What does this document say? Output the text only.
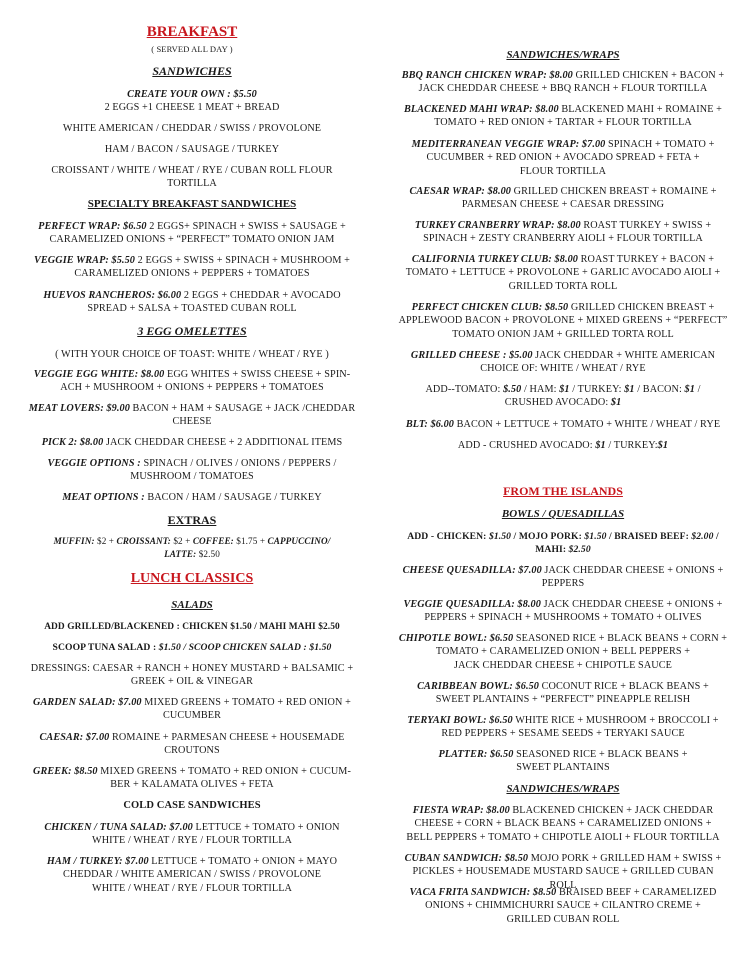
BREAKFAST
( SERVED ALL DAY )
SANDWICHES
CREATE YOUR OWN : $5.50
2 EGGS +1 CHEESE 1 MEAT + BREAD
WHITE AMERICAN / CHEDDAR / SWISS / PROVOLONE
HAM / BACON / SAUSAGE / TURKEY
CROISSANT / WHITE / WHEAT / RYE / CUBAN ROLL FLOUR
TORTILLA
SPECIALTY BREAKFAST SANDWICHES
PERFECT WRAP: $6.50 2 EGGS+ SPINACH + SWISS + SAUSAGE +
CARAMELIZED ONIONS + “PERFECT” TOMATO ONION JAM
VEGGIE WRAP: $5.50 2 EGGS + SWISS + SPINACH + MUSHROOM +
CARAMELIZED ONIONS + PEPPERS + TOMATOES
HUEVOS RANCHEROS: $6.00 2 EGGS + CHEDDAR + AVOCADO
SPREAD + SALSA + TOASTED CUBAN ROLL
3 EGG OMELETTES
( WITH YOUR CHOICE OF TOAST: WHITE / WHEAT / RYE )
VEGGIE EGG WHITE: $8.00 EGG WHITES + SWISS CHEESE + SPIN-
ACH + MUSHROOM + ONIONS + PEPPERS + TOMATOES
MEAT LOVERS: $9.00 BACON + HAM + SAUSAGE + JACK /CHEDDAR
CHEESE
PICK 2: $8.00 JACK CHEDDAR CHEESE + 2 ADDITIONAL ITEMS
VEGGIE OPTIONS : SPINACH / OLIVES / ONIONS / PEPPERS /
MUSHROOM / TOMATOES
MEAT OPTIONS : BACON / HAM / SAUSAGE / TURKEY
EXTRAS
MUFFIN: $2 + CROISSANT: $2 + COFFEE: $1.75 + CAPPUCCINO/
LATTE: $2.50
LUNCH CLASSICS
SALADS
ADD GRILLED/BLACKENED : CHICKEN $1.50 / MAHI MAHI $2.50
SCOOP TUNA SALAD : $1.50 / SCOOP CHICKEN SALAD : $1.50
DRESSINGS: CAESAR + RANCH + HONEY MUSTARD + BALSAMIC +
GREEK + OIL & VINEGAR
GARDEN SALAD: $7.00 MIXED GREENS + TOMATO + RED ONION +
CUCUMBER
CAESAR: $7.00 ROMAINE + PARMESAN CHEESE + HOUSEMADE
CROUTONS
GREEK: $8.50 MIXED GREENS + TOMATO + RED ONION + CUCUM-
BER + KALAMATA OLIVES + FETA
COLD CASE SANDWICHES
CHICKEN / TUNA SALAD: $7.00 LETTUCE + TOMATO + ONION
WHITE / WHEAT / RYE / FLOUR TORTILLA
HAM / TURKEY: $7.00 LETTUCE + TOMATO + ONION + MAYO
CHEDDAR / WHITE AMERICAN / SWISS / PROVOLONE
WHITE / WHEAT / RYE / FLOUR TORTILLA
SANDWICHES/WRAPS
BBQ RANCH CHICKEN WRAP: $8.00 GRILLED CHICKEN + BACON +
JACK CHEDDAR CHEESE + BBQ RANCH + FLOUR TORTILLA
BLACKENED MAHI WRAP: $8.00 BLACKENED MAHI + ROMAINE +
TOMATO + RED ONION + TARTAR + FLOUR TORTILLA
MEDITERRANEAN VEGGIE WRAP: $7.00 SPINACH + TOMATO +
CUCUMBER + RED ONION + AVOCADO SPREAD + FETA +
FLOUR TORTILLA
CAESAR WRAP: $8.00 GRILLED CHICKEN BREAST + ROMAINE +
PARMESAN CHEESE + CAESAR DRESSING
TURKEY CRANBERRY WRAP: $8.00 ROAST TURKEY + SWISS +
SPINACH + ZESTY CRANBERRY AIOLI + FLOUR TORTILLA
CALIFORNIA TURKEY CLUB: $8.00 ROAST TURKEY + BACON +
TOMATO + LETTUCE + PROVOLONE + GARLIC AVOCADO AIOLI +
GRILLED TORTA ROLL
PERFECT CHICKEN CLUB: $8.50 GRILLED CHICKEN BREAST +
APPLEWOOD BACON + PROVOLONE + MIXED GREENS + “PERFECT”
TOMATO ONION JAM + GRILLED TORTA ROLL
GRILLED CHEESE : $5.00 JACK CHEDDAR + WHITE AMERICAN
CHOICE OF: WHITE / WHEAT / RYE
ADD--TOMATO: $.50 / HAM: $1 / TURKEY: $1 / BACON: $1 /
CRUSHED AVOCADO: $1
BLT: $6.00 BACON + LETTUCE + TOMATO + WHITE / WHEAT / RYE
ADD - CRUSHED AVOCADO: $1 / TURKEY:$1
FROM THE ISLANDS
BOWLS / QUESADILLAS
ADD - CHICKEN: $1.50 / MOJO PORK: $1.50 / BRAISED BEEF: $2.00 /
MAHI: $2.50
CHEESE QUESADILLA: $7.00 JACK CHEDDAR CHEESE + ONIONS +
PEPPERS
VEGGIE QUESADILLA: $8.00 JACK CHEDDAR CHEESE + ONIONS +
PEPPERS + SPINACH + MUSHROOMS + TOMATO + OLIVES
CHIPOTLE BOWL: $6.50 SEASONED RICE + BLACK BEANS + CORN +
TOMATO + CARAMELIZED ONION + BELL PEPPERS +
JACK CHEDDAR CHEESE + CHIPOTLE SAUCE
CARIBBEAN BOWL: $6.50 COCONUT RICE + BLACK BEANS +
SWEET PLANTAINS + “PERFECT” PINEAPPLE RELISH
TERYAKI BOWL: $6.50 WHITE RICE + MUSHROOM + BROCCOLI +
RED PEPPERS + SESAME SEEDS + TERYAKI SAUCE
PLATTER: $6.50 SEASONED RICE + BLACK BEANS +
SWEET PLANTAINS
SANDWICHES/WRAPS
FIESTA WRAP: $8.00 BLACKENED CHICKEN + JACK CHEDDAR
CHEESE + CORN + BLACK BEANS + CARAMELIZED ONIONS +
BELL PEPPERS + TOMATO + CHIPOTLE AIOLI + FLOUR TORTILLA
CUBAN SANDWICH: $8.50 MOJO PORK + GRILLED HAM + SWISS +
PICKLES + HOUSEMADE MUSTARD SAUCE + GRILLED CUBAN ROLL
VACA FRITA SANDWICH: $8.50 BRAISED BEEF + CARAMELIZED
ONIONS + CHIMMICHURRI SAUCE + CILANTRO CREME +
GRILLED CUBAN ROLL
